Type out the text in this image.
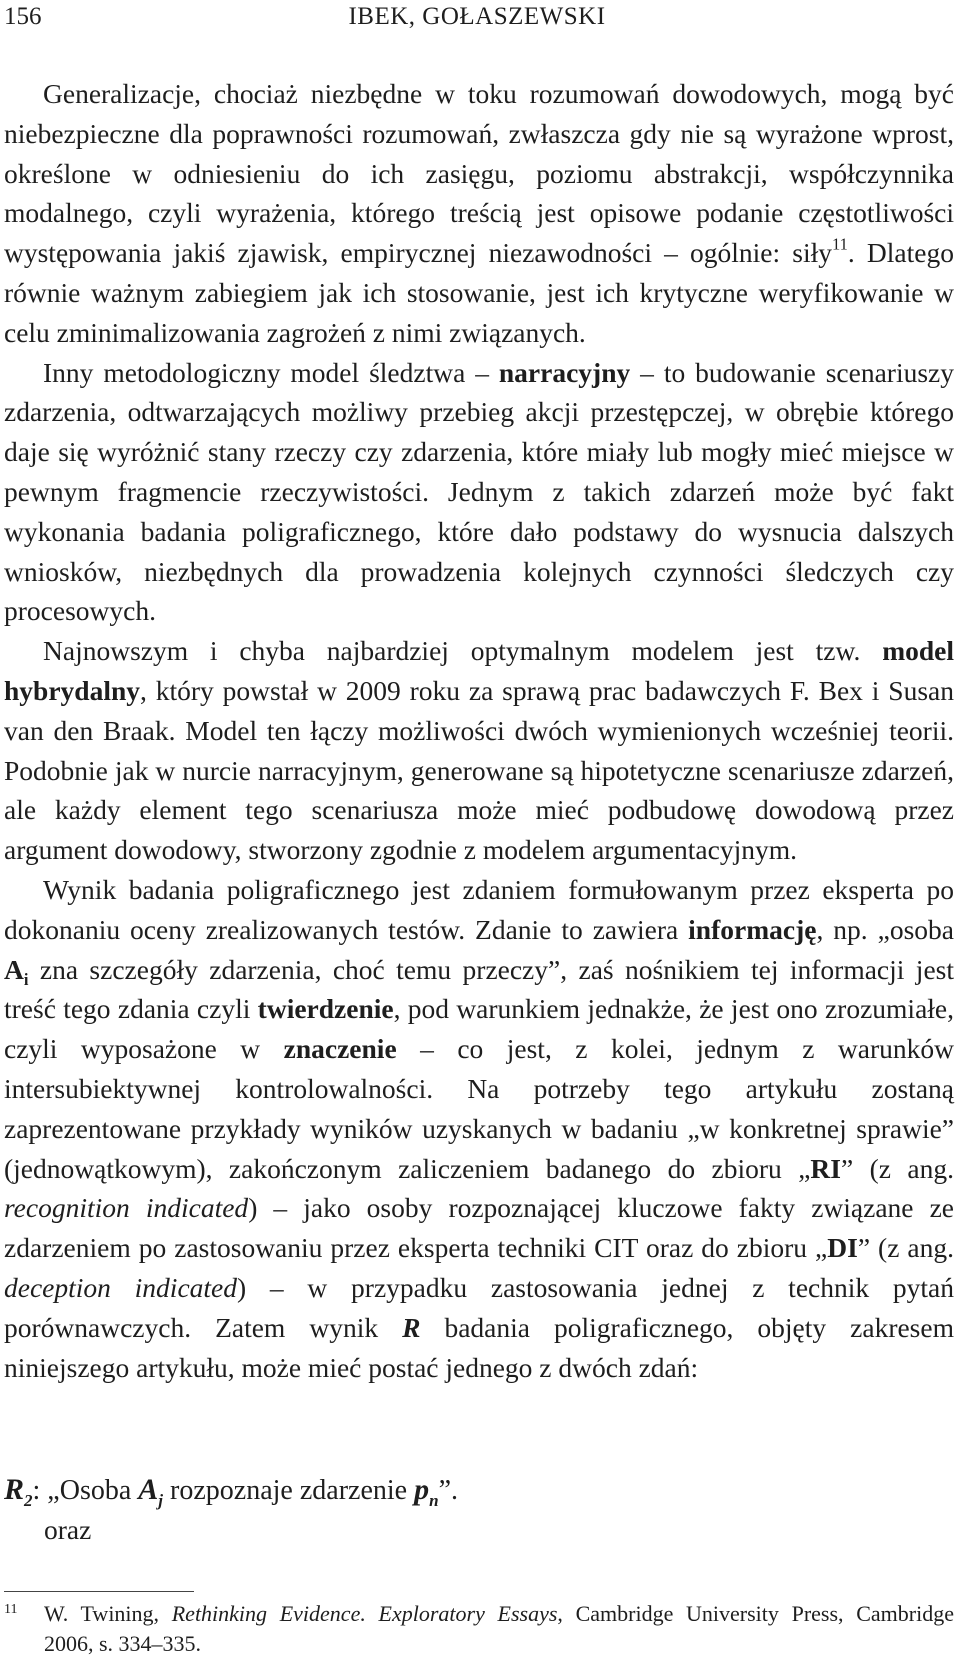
156	IBEK, GOŁASZEWSKI

Generalizacje, chociaż niezbędne w toku rozumowań dowodowych, mogą być niebezpieczne dla poprawności rozumowań, zwłaszcza gdy nie są wyrażone wprost, określone w odniesieniu do ich zasięgu, poziomu abstrakcji, współczynnika modalnego, czyli wyrażenia, którego treścią jest opisowe podanie częstotliwości występowania jakiś zjawisk, empirycznej niezawodności – ogólnie: siły$^{11}$. Dlatego równie ważnym zabiegiem jak ich stosowanie, jest ich krytyczne weryfikowanie w celu zminimalizowania zagrożeń z nimi związanych.

Inny metodologiczny model śledztwa – narracyjny – to budowanie scenariuszy zdarzenia, odtwarzających możliwy przebieg akcji przestępczej, w obrębie którego daje się wyróżnić stany rzeczy czy zdarzenia, które miały lub mogły mieć miejsce w pewnym fragmencie rzeczywistości. Jednym z takich zdarzeń może być fakt wykonania badania poligraficznego, które dało podstawy do wysnucia dalszych wniosków, niezbędnych dla prowadzenia kolejnych czynności śledczych czy procesowych.

Najnowszym i chyba najbardziej optymalnym modelem jest tzw. model hybrydalny, który powstał w 2009 roku za sprawą prac badawczych F. Bex i Susan van den Braak. Model ten łączy możliwości dwóch wymienionych wcześniej teorii. Podobnie jak w nurcie narracyjnym, generowane są hipotetyczne scenariusze zdarzeń, ale każdy element tego scenariusza może mieć podbudowę dowodową przez argument dowodowy, stworzony zgodnie z modelem argumentacyjnym.

Wynik badania poligraficznego jest zdaniem formułowanym przez eksperta po dokonaniu oceny zrealizowanych testów. Zdanie to zawiera informację, np. „osoba $A_i$ zna szczegóły zdarzenia, choć temu przeczy”, zaś nośnikiem tej informacji jest treść tego zdania czyli twierdzenie, pod warunkiem jednakże, że jest ono zrozumiałe, czyli wyposażone w znaczenie – co jest, z kolei, jednym z warunków intersubiektywnej kontrolowalności. Na potrzeby tego artykułu zostaną zaprezentowane przykłady wyników uzyskanych w badaniu „w konkretnej sprawie” (jednowątkowym), zakończonym zaliczeniem badanego do zbioru „RI” (z ang. recognition indicated) – jako osoby rozpoznającej kluczowe fakty związane ze zdarzeniem po zastosowaniu przez eksperta techniki CIT oraz do zbioru „DI” (z ang. deception indicated) – w przypadku zastosowania jednej z technik pytań porównawczych. Zatem wynik R badania poligraficznego, objęty zakresem niniejszego artykułu, może mieć postać jednego z dwóch zdań:

$R_2$: „Osoba $A_j$ rozpoznaje zdarzenie $p_n$”.
oraz
11 W. Twining, Rethinking Evidence. Exploratory Essays, Cambridge University Press, Cambridge
2006, s. 334–335.
